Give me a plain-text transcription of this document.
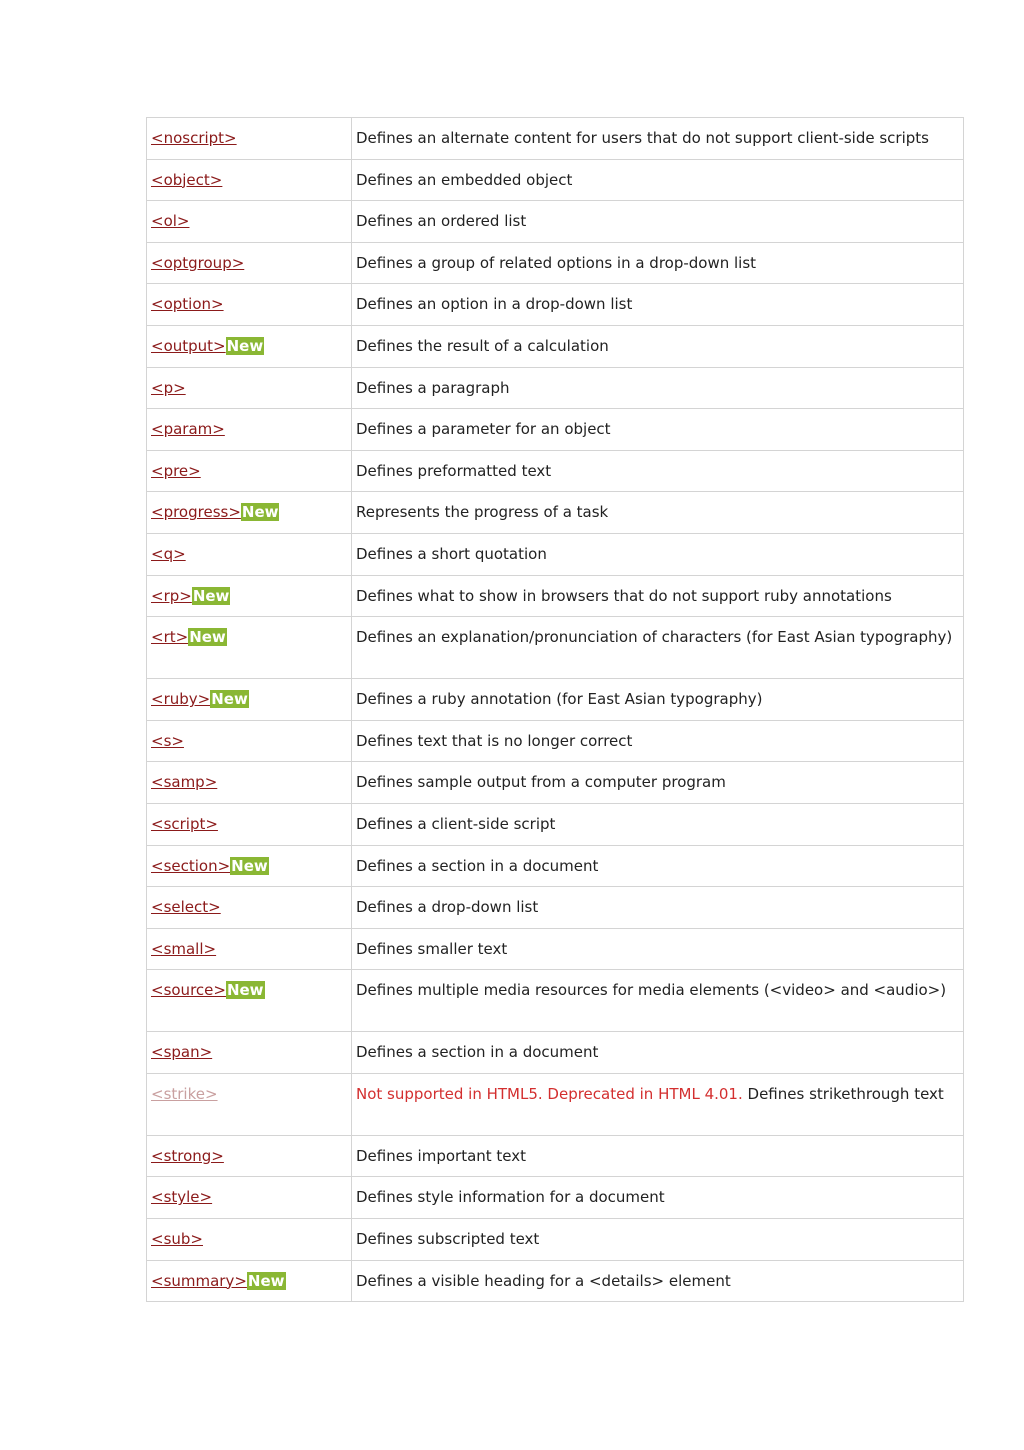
<noscript>	Defines an alternate content for users that do not support client-side scripts
<object>	Defines an embedded object
<ol>	Defines an ordered list
<optgroup>	Defines a group of related options in a drop-down list
<option>	Defines an option in a drop-down list
<output>New	Defines the result of a calculation
<p>	Defines a paragraph
<param>	Defines a parameter for an object
<pre>	Defines preformatted text
<progress>New	Represents the progress of a task
<q>	Defines a short quotation
<rp>New	Defines what to show in browsers that do not support ruby annotations
<rt>New	Defines an explanation/pronunciation of characters (for East Asian typography)
<ruby>New	Defines a ruby annotation (for East Asian typography)
<s>	Defines text that is no longer correct
<samp>	Defines sample output from a computer program
<script>	Defines a client-side script
<section>New	Defines a section in a document
<select>	Defines a drop-down list
<small>	Defines smaller text
<source>New	Defines multiple media resources for media elements (<video> and <audio>)
<span>	Defines a section in a document
<strike>	Not supported in HTML5. Deprecated in HTML 4.01. Defines strikethrough text
<strong>	Defines important text
<style>	Defines style information for a document
<sub>	Defines subscripted text
<summary>New	Defines a visible heading for a <details> element
